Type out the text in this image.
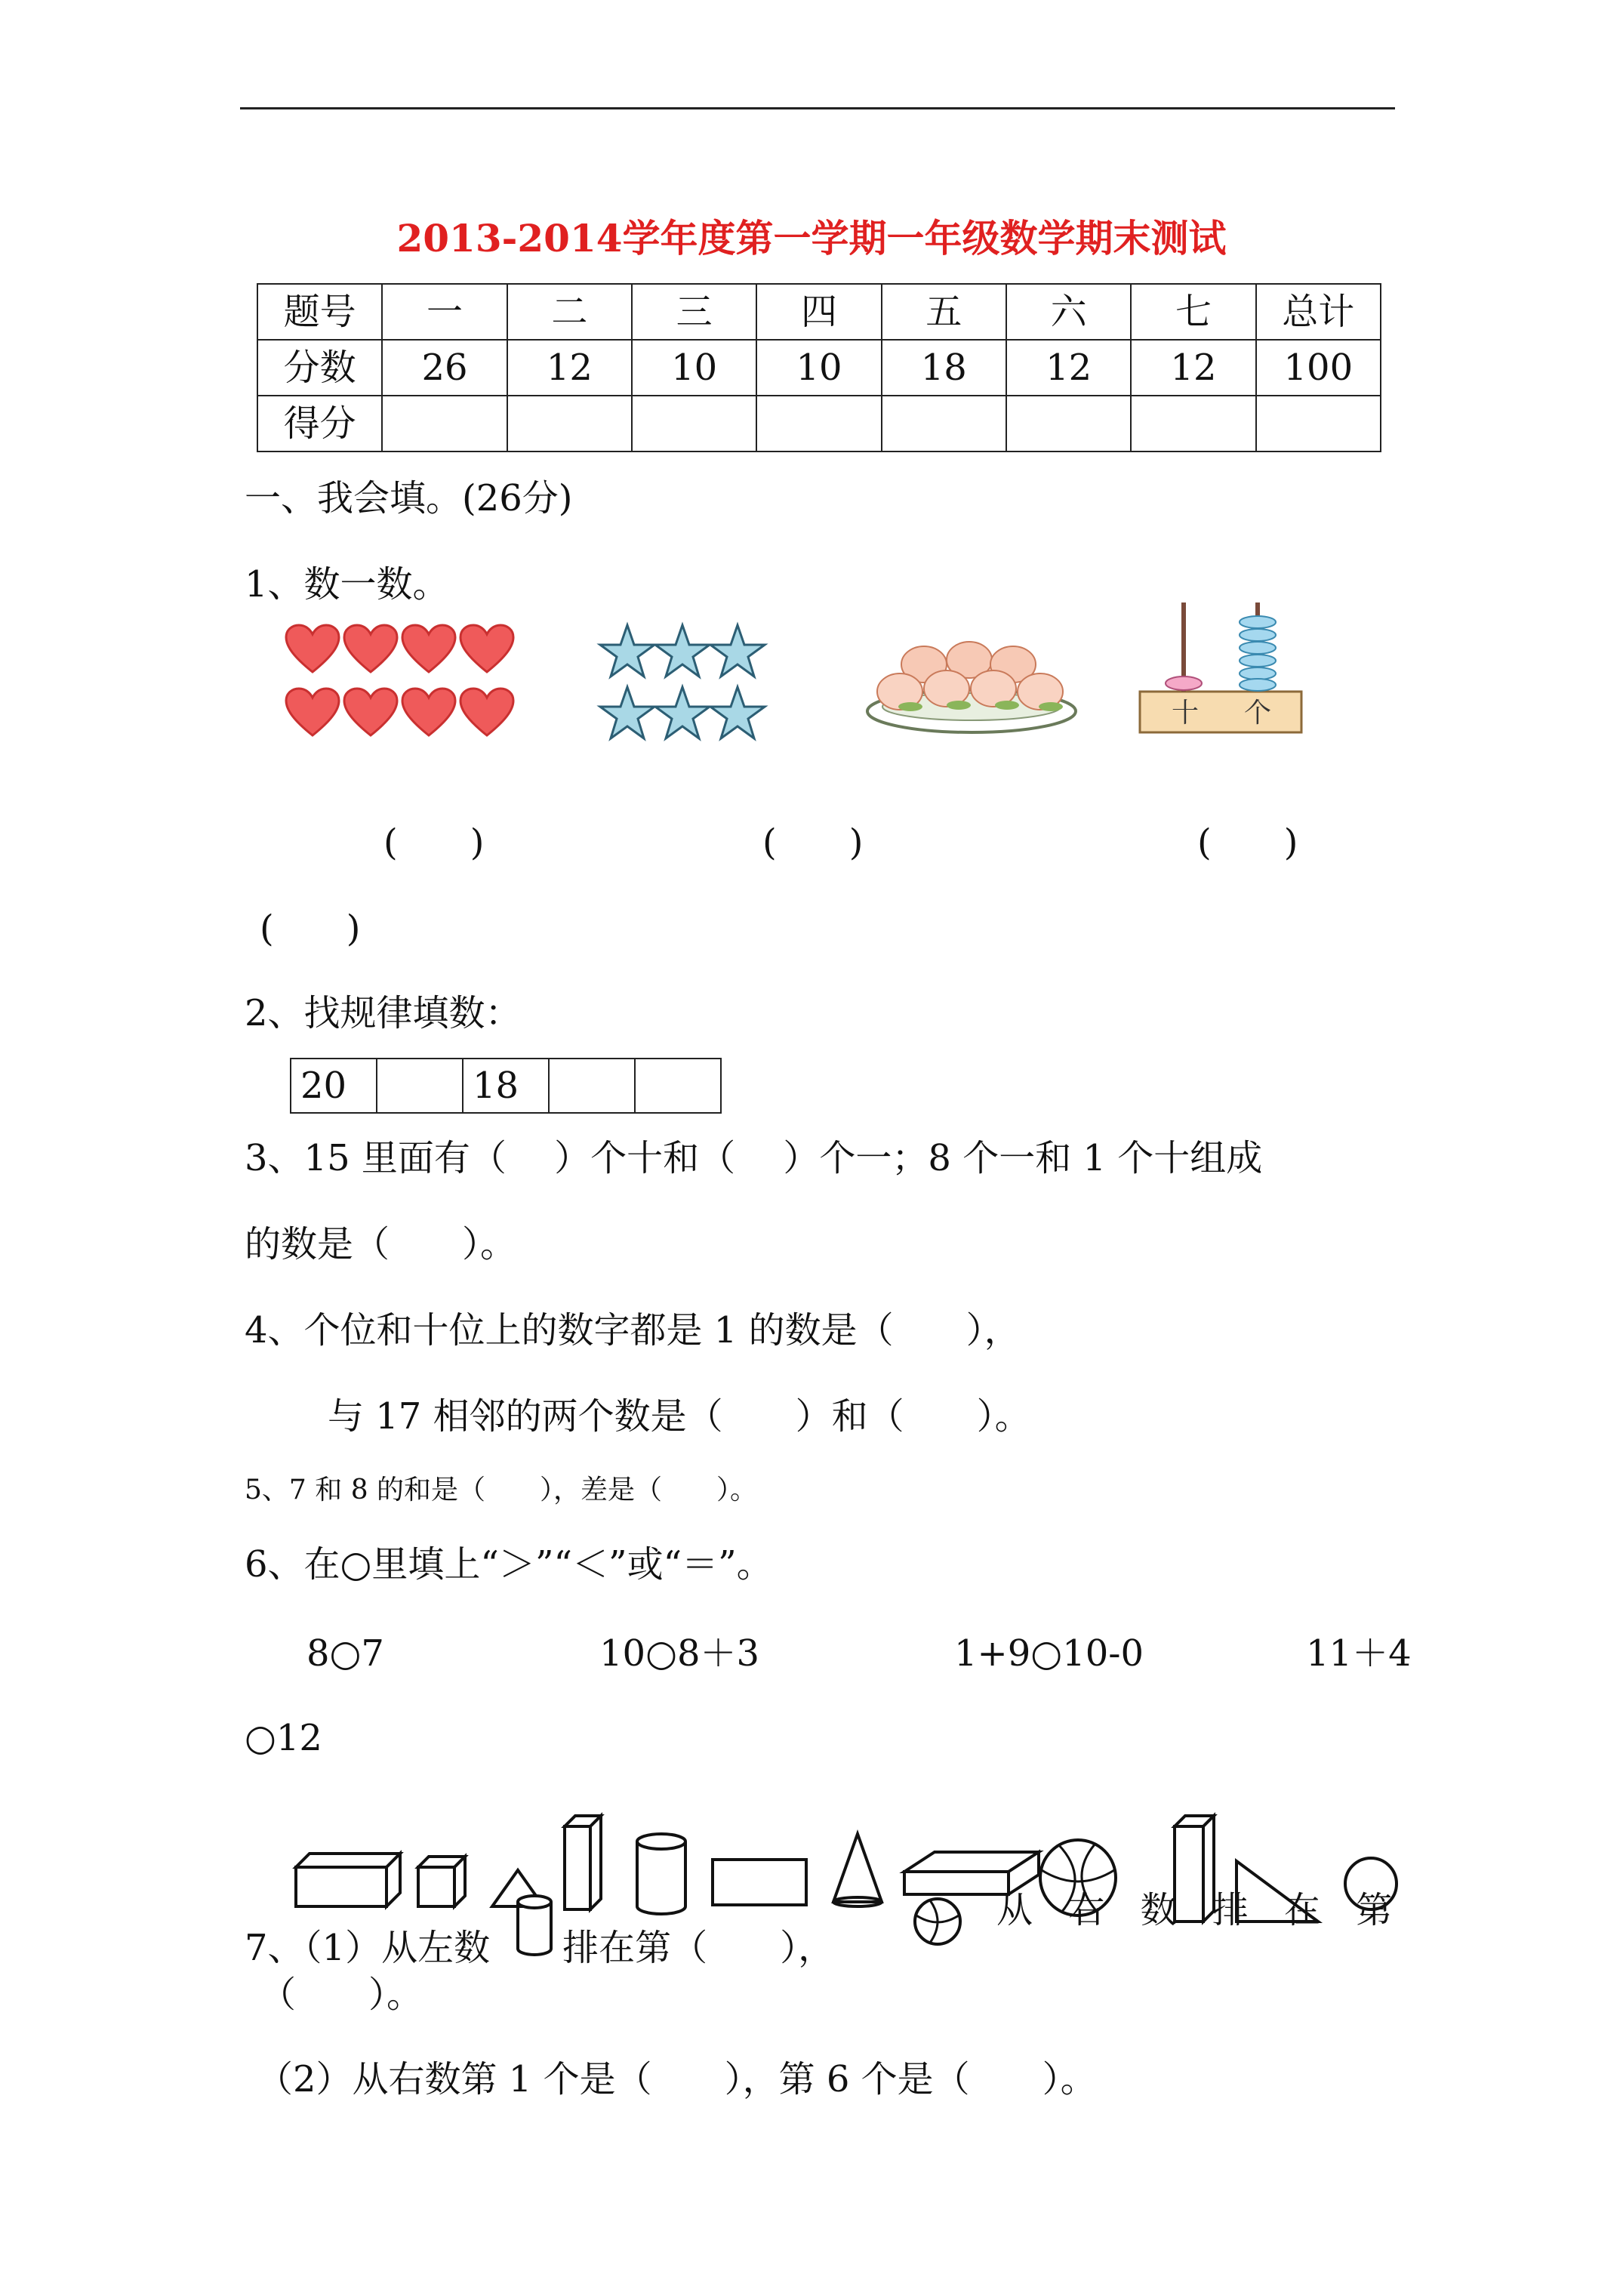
2013-2014学年度第一学期一年级数学期末测试
题号	一	二	三	四	五	六	七	总计
分数	26	12	10	10	18	12	12	100
得分								
一、我会填。(26分)
1、数一数。
十 个
(　　)	(　　)	(　　)
(　　)
2、找规律填数：
20		18		
3、15 里面有（　 ）个十和（　 ）个一；8 个一和 1 个十组成
的数是（　　）。
4、个位和十位上的数字都是 1 的数是（　　），
与 17 相邻的两个数是（　　）和（　　）。
5、7 和 8 的和是（　　），差是（　　）。
6、在○里填上“＞”“＜”或“＝”。
8○7	10○8＋3	1+9○10-0	11＋4
○12
从 右 数 排 在 第
7、（1）从左数　　排在第（　　），
（　　）。
（2）从右数第 1 个是（　　），第 6 个是（　　）。
